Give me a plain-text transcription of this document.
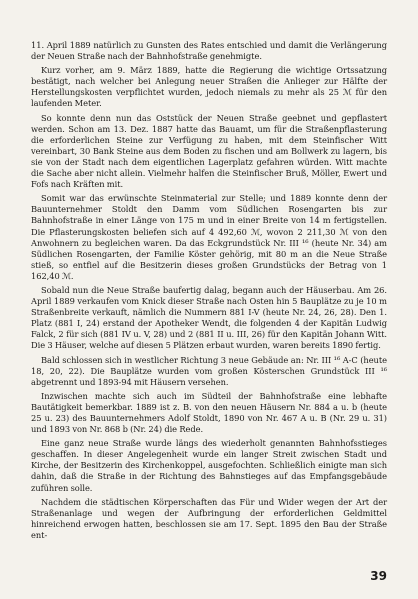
11. April 1889 natürlich zu Gunsten des Rates entschied und damit die Verlängerung der Neuen Straße nach der Bahnhofstraße genehmigte.

Kurz vorher, am 9. März 1889, hatte die Regierung die wichtige Ortssatzung bestätigt, nach welcher bei Anlegung neuer Straßen die Anlieger zur Hälfte der Herstellungskosten verpflichtet wurden, jedoch niemals zu mehr als 25 ℳ für den laufenden Meter.

So konnte denn nun das Oststück der Neuen Straße geebnet und gepflastert werden. Schon am 13. Dez. 1887 hatte das Bauamt, um für die Straßenpflasterung die erforderlichen Steine zur Verfügung zu haben, mit dem Steinfischer Witt vereinbart, 30 Bank Steine aus dem Boden zu fischen und am Bollwerk zu lagern, bis sie von der Stadt nach dem eigentlichen Lagerplatz gefahren würden. Witt machte die Sache aber nicht allein. Vielmehr halfen die Steinfischer Bruß, Möller, Ewert und Fofs nach Kräften mit.

Somit war das erwünschte Steinmaterial zur Stelle; und 1889 konnte denn der Bauunternehmer Stoldt den Damm vom Südlichen Rosengarten bis zur Bahnhofstraße in einer Länge von 175 m und in einer Breite von 14 m fertigstellen. Die Pflasterungskosten beliefen sich auf 4 492,60 ℳ, wovon 2 211,30 ℳ von den Anwohnern zu begleichen waren. Da das Eckgrundstück Nr. III ¹⁶ (heute Nr. 34) am Südlichen Rosengarten, der Familie Köster gehörig, mit 80 m an die Neue Straße stieß, so entfiel auf die Besitzerin dieses großen Grundstücks der Betrag von 1 162,40 ℳ.

Sobald nun die Neue Straße baufertig dalag, begann auch der Häuserbau. Am 26. April 1889 verkaufen vom Knick dieser Straße nach Osten hin 5 Bauplätze zu je 10 m Straßenbreite verkauft, nämlich die Nummern 881 I-V (heute Nr. 24, 26, 28). Den 1. Platz (881 I, 24) erstand der Apotheker Wendt, die folgenden 4 der Kapitän Ludwig Falck, 2 für sich (881 IV u. V, 28) und 2 (881 II u. III, 26) für den Kapitän Johann Witt. Die 3 Häuser, welche auf diesen 5 Plätzen erbaut wurden, waren bereits 1890 fertig.

Bald schlossen sich in westlicher Richtung 3 neue Gebäude an: Nr. III ¹⁶ A-C (heute 18, 20, 22). Die Bauplätze wurden vom großen Kösterschen Grundstück III ¹⁶ abgetrennt und 1893-94 mit Häusern versehen.

Inzwischen machte sich auch im Südteil der Bahnhofstraße eine lebhafte Bautätigkeit bemerkbar. 1889 ist z. B. von den neuen Häusern Nr. 884 a u. b (heute 25 u. 23) des Bauunternehmers Adolf Stoldt, 1890 von Nr. 467 A u. B (Nr. 29 u. 31) und 1893 von Nr. 868 b (Nr. 24) die Rede.

Eine ganz neue Straße wurde längs des wiederholt genannten Bahnhofsstieges geschaffen. In dieser Angelegenheit wurde ein langer Streit zwischen Stadt und Kirche, der Besitzerin des Kirchenkoppel, ausgefochten. Schließlich einigte man sich dahin, daß die Straße in der Richtung des Bahnstieges auf das Empfangsgebäude zuführen solle.

Nachdem die städtischen Körperschaften das Für und Wider wegen der Art der Straßenanlage und wegen der Aufbringung der erforderlichen Geldmittel hinreichend erwogen hatten, beschlossen sie am 17. Sept. 1895 den Bau der Straße ent-

39
